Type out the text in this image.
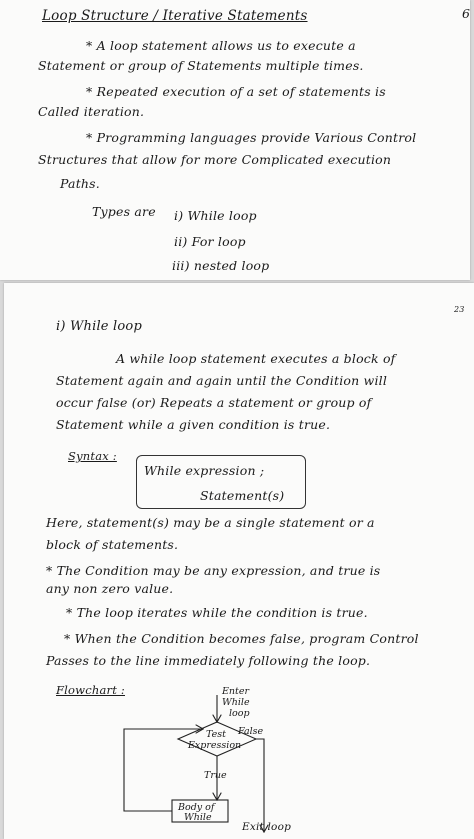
6
Loop Structure / Iterative Statements
* A loop statement allows us to execute a
Statement or group of Statements multiple times.
* Repeated execution of a set of statements is
Called iteration.
* Programming languages provide Various Control
Structures that allow for more Complicated execution
Paths.
Types are i) While loop
ii) For loop
iii) nested loop
23
i) While loop
A while loop statement executes a block of
Statement again and again until the Condition will
occur false (or) Repeats a statement or group of
Statement while a given condition is true.
Syntax :
While expression ;
Statement(s)
Here, statement(s) may be a single statement or a
block of statements.
* The Condition may be any expression, and true is
any non zero value.
* The loop iterates while the condition is true.
* When the Condition becomes false, program Control
Passes to the line immediately following the loop.
Flowchart :	Enter
While
loop
Test
Expression
False
True
Body of
While
Exit loop
